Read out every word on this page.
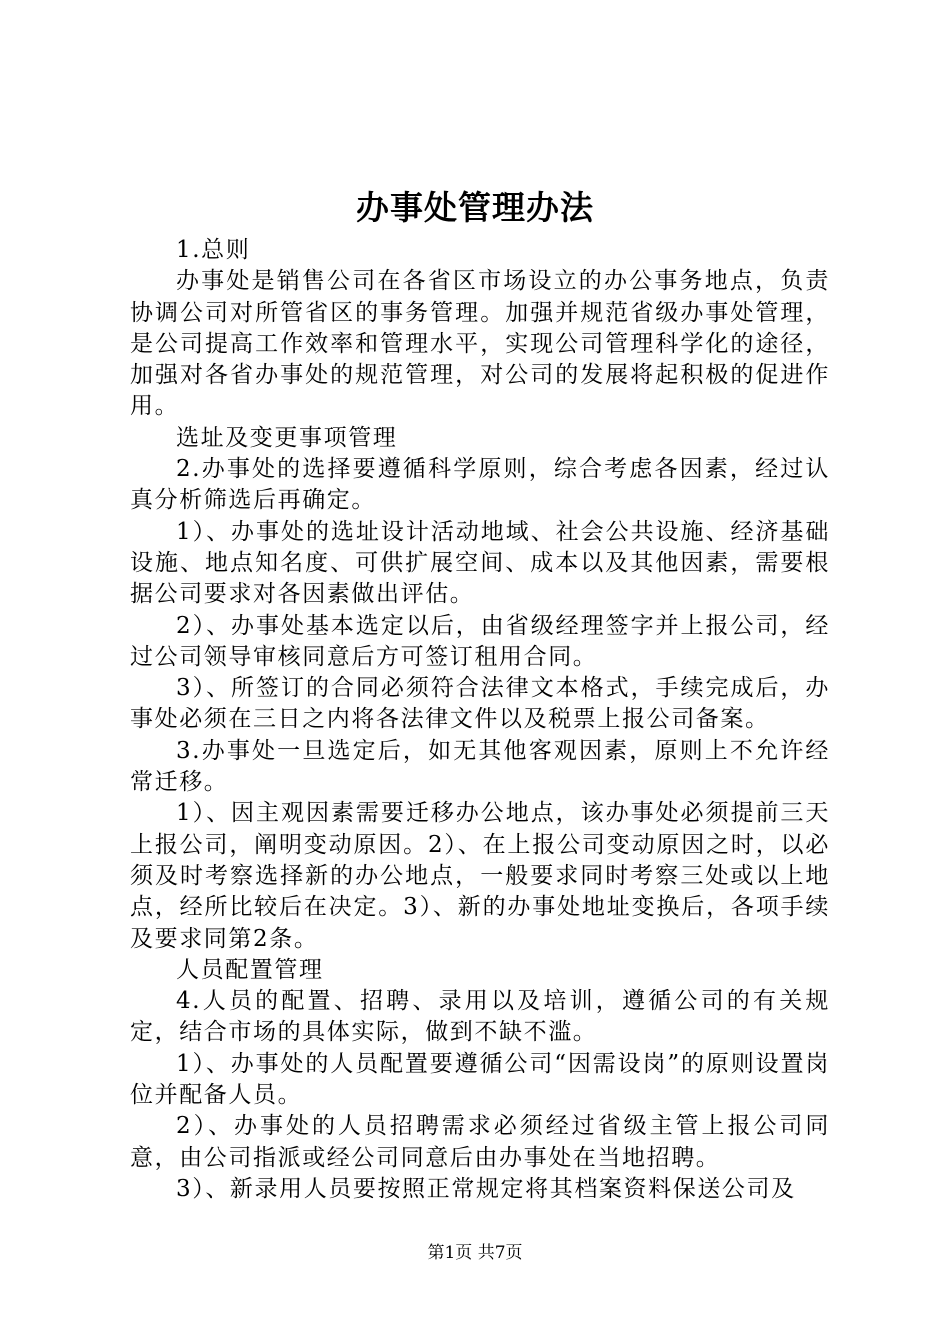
办事处管理办法

1.总则

办事处是销售公司在各省区市场设立的办公事务地点，负责协调公司对所管省区的事务管理。加强并规范省级办事处管理，是公司提高工作效率和管理水平，实现公司管理科学化的途径，加强对各省办事处的规范管理，对公司的发展将起积极的促进作用。

选址及变更事项管理

2.办事处的选择要遵循科学原则，综合考虑各因素，经过认真分析筛选后再确定。

1）、办事处的选址设计活动地域、社会公共设施、经济基础设施、地点知名度、可供扩展空间、成本以及其他因素，需要根据公司要求对各因素做出评估。

2）、办事处基本选定以后，由省级经理签字并上报公司，经过公司领导审核同意后方可签订租用合同。

3）、所签订的合同必须符合法律文本格式，手续完成后，办事处必须在三日之内将各法律文件以及税票上报公司备案。

3.办事处一旦选定后，如无其他客观因素，原则上不允许经常迁移。

1）、因主观因素需要迁移办公地点，该办事处必须提前三天上报公司，阐明变动原因。2）、在上报公司变动原因之时，以必须及时考察选择新的办公地点，一般要求同时考察三处或以上地点，经所比较后在决定。3）、新的办事处地址变换后，各项手续及要求同第2条。

人员配置管理

4.人员的配置、招聘、录用以及培训，遵循公司的有关规定，结合市场的具体实际，做到不缺不滥。

1）、办事处的人员配置要遵循公司“因需设岗”的原则设置岗位并配备人员。

2）、办事处的人员招聘需求必须经过省级主管上报公司同意，由公司指派或经公司同意后由办事处在当地招聘。

3）、新录用人员要按照正常规定将其档案资料保送公司及

第1页 共7页
